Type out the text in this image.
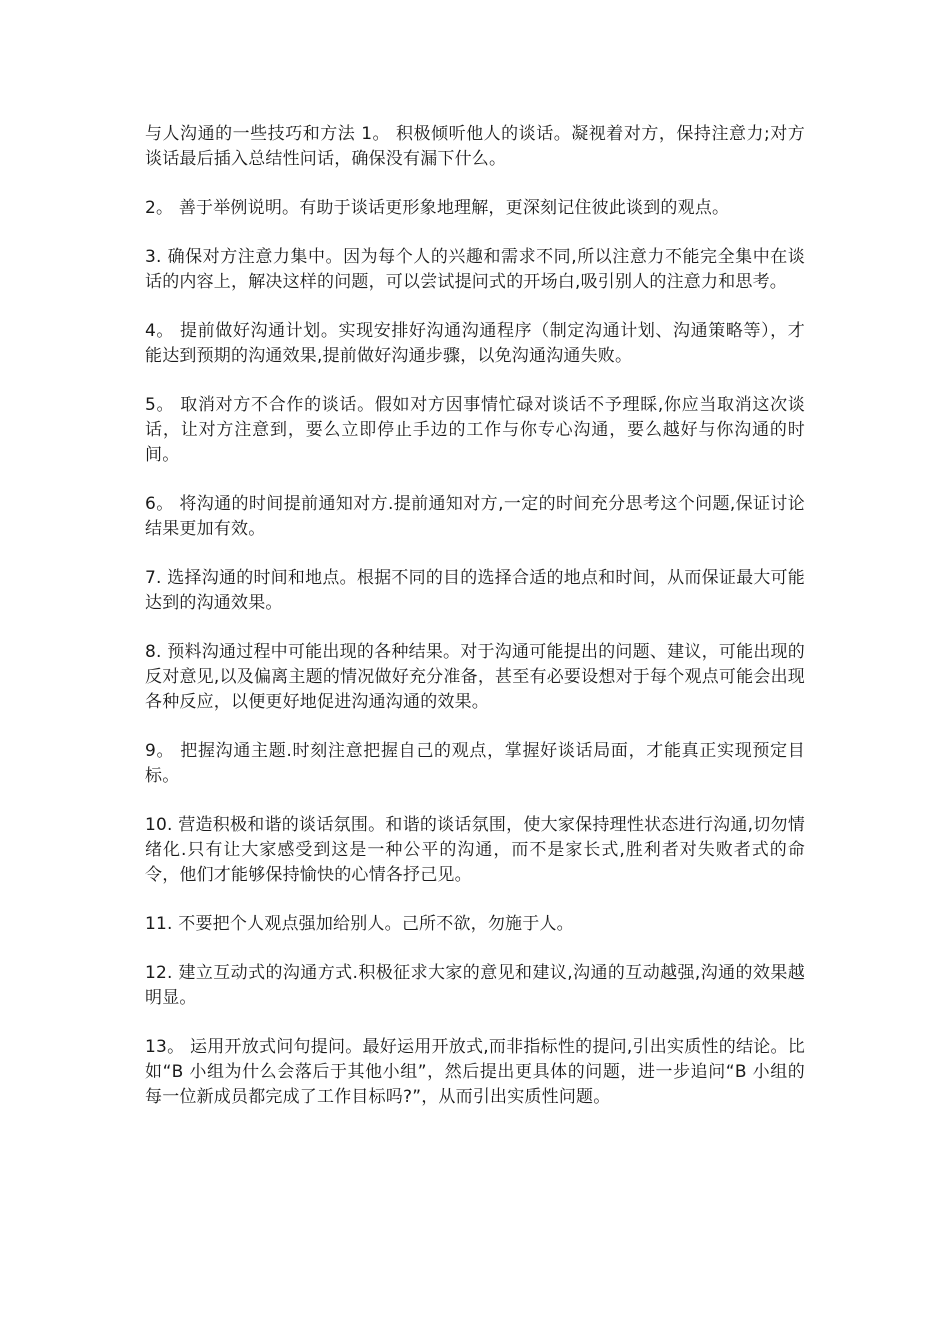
与人沟通的一些技巧和方法 1。 积极倾听他人的谈话。凝视着对方，保持注意力;对方谈话最后插入总结性问话，确保没有漏下什么。

2。 善于举例说明。有助于谈话更形象地理解，更深刻记住彼此谈到的观点。

3. 确保对方注意力集中。因为每个人的兴趣和需求不同,所以注意力不能完全集中在谈话的内容上，解决这样的问题，可以尝试提问式的开场白,吸引别人的注意力和思考。

4。 提前做好沟通计划。实现安排好沟通沟通程序（制定沟通计划、沟通策略等），才能达到预期的沟通效果,提前做好沟通步骤，以免沟通沟通失败。

5。 取消对方不合作的谈话。假如对方因事情忙碌对谈话不予理睬,你应当取消这次谈话，让对方注意到，要么立即停止手边的工作与你专心沟通，要么越好与你沟通的时间。

6。 将沟通的时间提前通知对方.提前通知对方,一定的时间充分思考这个问题,保证讨论结果更加有效。

7. 选择沟通的时间和地点。根据不同的目的选择合适的地点和时间，从而保证最大可能达到的沟通效果。

8. 预料沟通过程中可能出现的各种结果。对于沟通可能提出的问题、建议，可能出现的反对意见,以及偏离主题的情况做好充分准备，甚至有必要设想对于每个观点可能会出现各种反应，以便更好地促进沟通沟通的效果。

9。 把握沟通主题.时刻注意把握自己的观点，掌握好谈话局面，才能真正实现预定目标。

10. 营造积极和谐的谈话氛围。和谐的谈话氛围，使大家保持理性状态进行沟通,切勿情绪化.只有让大家感受到这是一种公平的沟通，而不是家长式,胜利者对失败者式的命令，他们才能够保持愉快的心情各抒己见。

11. 不要把个人观点强加给别人。己所不欲，勿施于人。

12. 建立互动式的沟通方式.积极征求大家的意见和建议,沟通的互动越强,沟通的效果越明显。

13。 运用开放式问句提问。最好运用开放式,而非指标性的提问,引出实质性的结论。比如“B 小组为什么会落后于其他小组”，然后提出更具体的问题，进一步追问“B 小组的每一位新成员都完成了工作目标吗?”，从而引出实质性问题。
